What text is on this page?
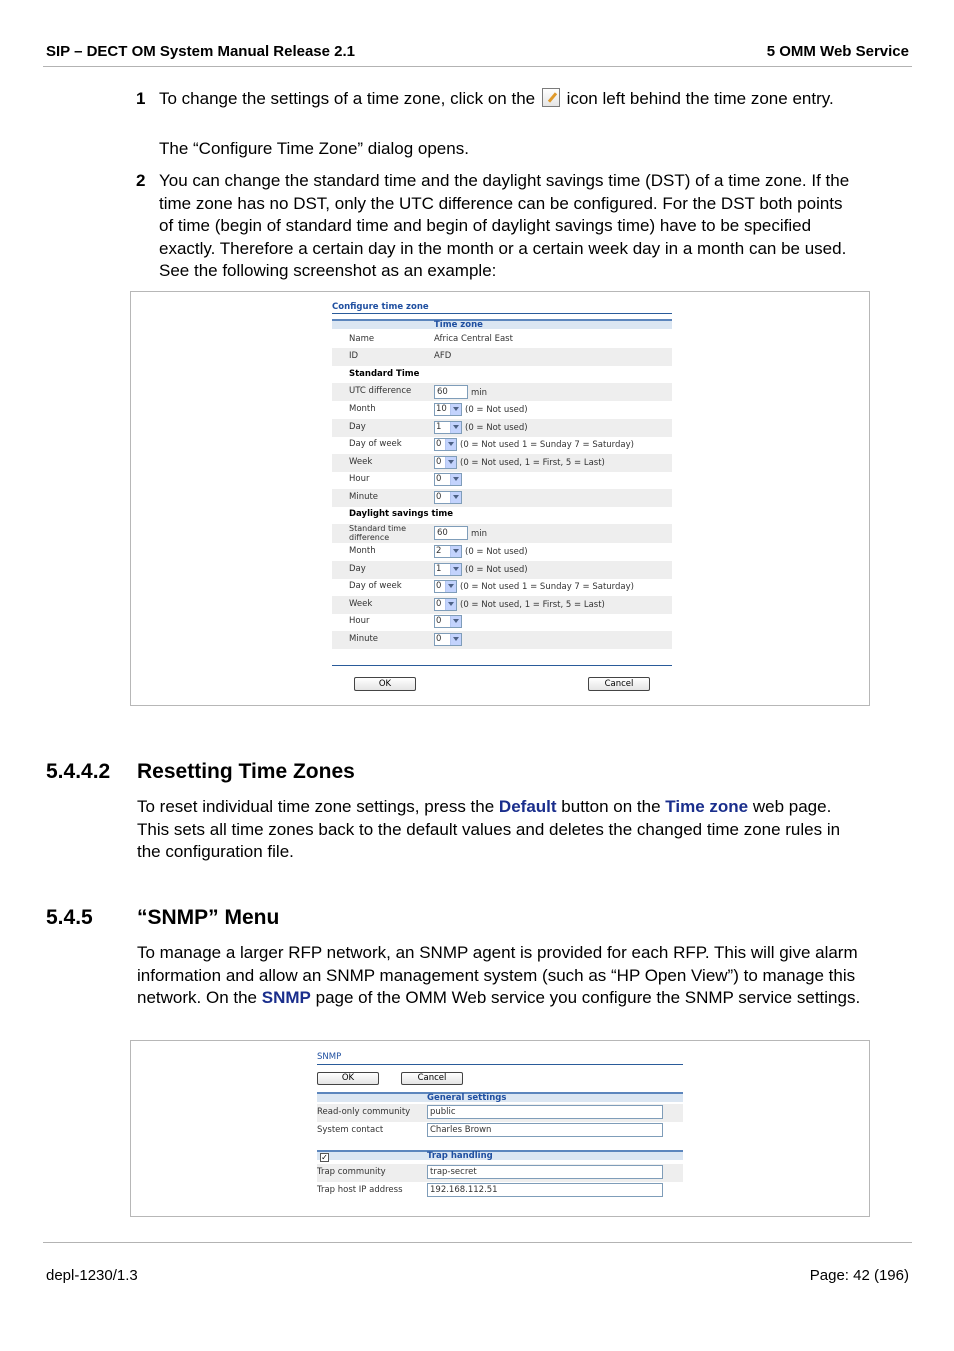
SIP – DECT OM System Manual Release 2.1	5 OMM Web Service
1 To change the settings of a time zone, click on the icon left behind the time zone entry.
The “Configure Time Zone” dialog opens.
2 You can change the standard time and the daylight savings time (DST) of a time zone. If the time zone has no DST, only the UTC difference can be configured. For the DST both points of time (begin of standard time and begin of daylight savings time) have to be specified exactly. Therefore a certain day in the month or a certain week day in a month can be used. See the following screenshot as an example:
Configure time zone
Time zone
Name	Africa Central East
ID	AFD
Standard Time
UTC difference	60	min
Month	10	(0 = Not used)
Day	1	(0 = Not used)
Day of week	0	(0 = Not used 1 = Sunday 7 = Saturday)
Week	0	(0 = Not used, 1 = First, 5 = Last)
Hour	0
Minute	0
Daylight savings time
Standard time difference	60	min
Month	2	(0 = Not used)
Day	1	(0 = Not used)
Day of week	0	(0 = Not used 1 = Sunday 7 = Saturday)
Week	0	(0 = Not used, 1 = First, 5 = Last)
Hour	0
Minute	0
OK	Cancel
5.4.4.2 Resetting Time Zones
To reset individual time zone settings, press the Default button on the Time zone web page. This sets all time zones back to the default values and deletes the changed time zone rules in the configuration file.
5.4.5 “SNMP” Menu
To manage a larger RFP network, an SNMP agent is provided for each RFP. This will give alarm information and allow an SNMP management system (such as “HP Open View”) to manage this network. On the SNMP page of the OMM Web service you configure the SNMP service settings.
SNMP
OK	Cancel
General settings
Read-only community	public
System contact	Charles Brown
Trap handling
✓
Trap community	trap-secret
Trap host IP address	192.168.112.51
depl-1230/1.3	Page: 42 (196)
